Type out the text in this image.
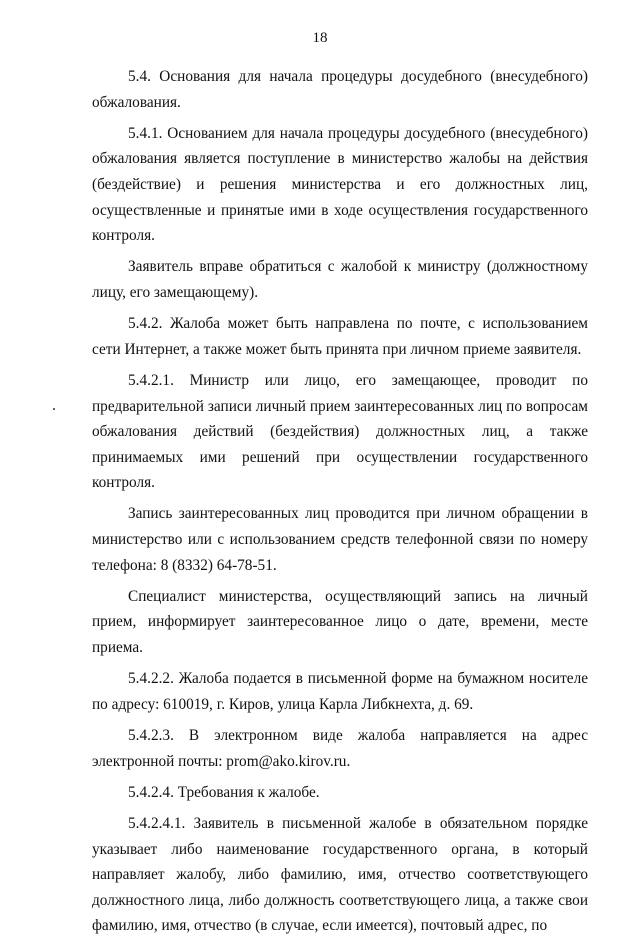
18

5.4. Основания для начала процедуры досудебного (внесудебного) обжалования.

5.4.1. Основанием для начала процедуры досудебного (внесудебного) обжалования является поступление в министерство жалобы на действия (бездействие) и решения министерства и его должностных лиц, осуществленные и принятые ими в ходе осуществления государственного контроля.

Заявитель вправе обратиться с жалобой к министру (должностному лицу, его замещающему).

5.4.2. Жалоба может быть направлена по почте, с использованием сети Интернет, а также может быть принята при личном приеме заявителя.

5.4.2.1. Министр или лицо, его замещающее, проводит по предварительной записи личный прием заинтересованных лиц по вопросам обжалования действий (бездействия) должностных лиц, а также принимаемых ими решений при осуществлении государственного контроля.

Запись заинтересованных лиц проводится при личном обращении в министерство или с использованием средств телефонной связи по номеру телефона: 8 (8332) 64-78-51.

Специалист министерства, осуществляющий запись на личный прием, информирует заинтересованное лицо о дате, времени, месте приема.

5.4.2.2. Жалоба подается в письменной форме на бумажном носителе по адресу: 610019, г. Киров, улица Карла Либкнехта, д. 69.

5.4.2.3. В электронном виде жалоба направляется на адрес электронной почты: prom@ako.kirov.ru.

5.4.2.4. Требования к жалобе.

5.4.2.4.1. Заявитель в письменной жалобе в обязательном порядке указывает либо наименование государственного органа, в который направляет жалобу, либо фамилию, имя, отчество соответствующего должностного лица, либо должность соответствующего лица, а также свои фамилию, имя, отчество (в случае, если имеется), почтовый адрес, по
